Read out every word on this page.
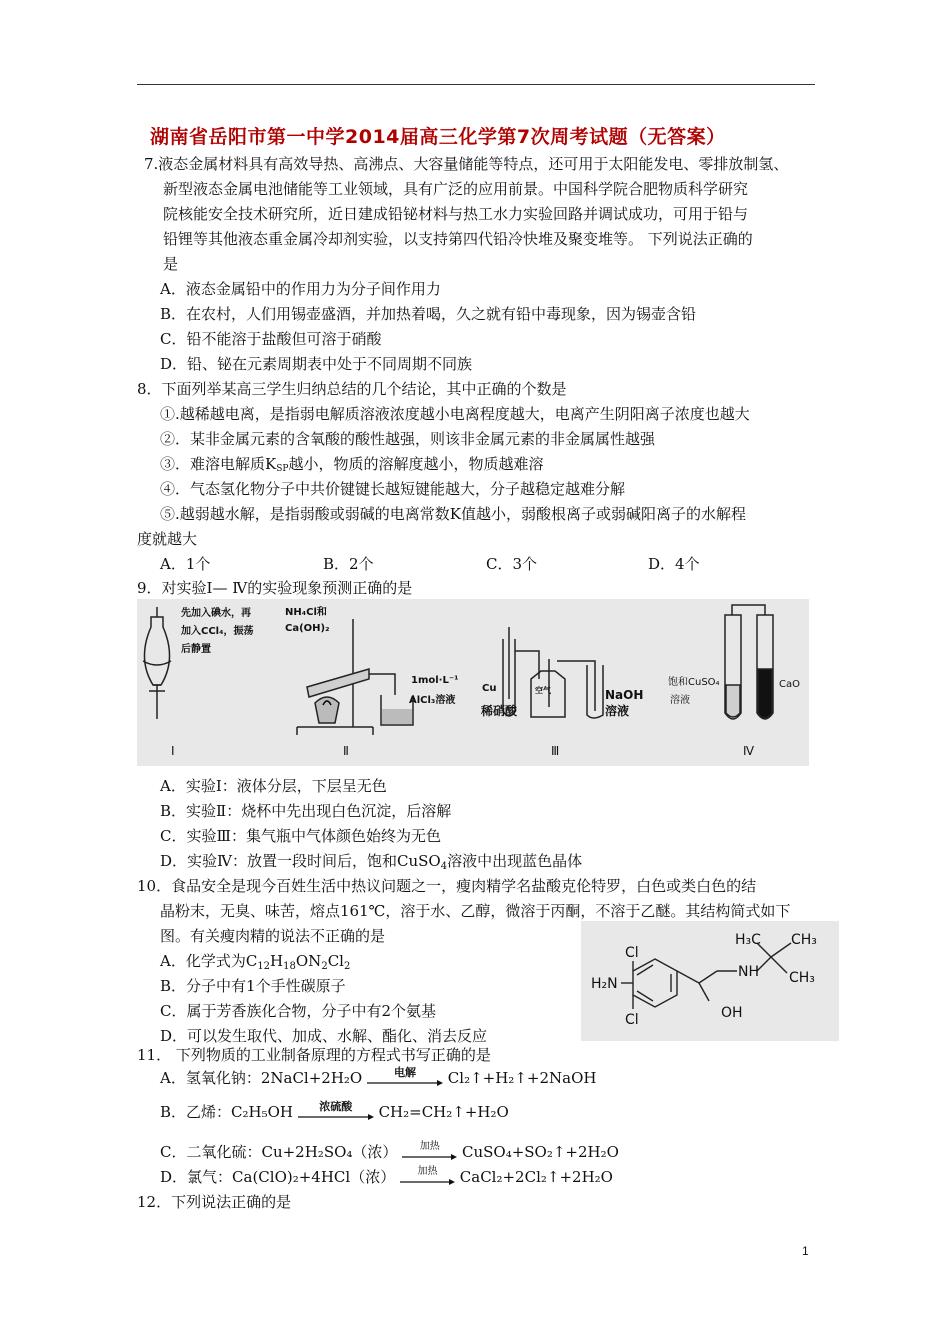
湖南省岳阳市第一中学2014届高三化学第7次周考试题（无答案）
7.液态金属材料具有高效导热、高沸点、大容量储能等特点，还可用于太阳能发电、零排放制氢、
新型液态金属电池储能等工业领域，具有广泛的应用前景。中国科学院合肥物质科学研究
院核能安全技术研究所，近日建成铅铋材料与热工水力实验回路并调试成功，可用于铅与
铅锂等其他液态重金属冷却剂实验，以支持第四代铅冷快堆及聚变堆等。 下列说法正确的
是
A．液态金属铅中的作用力为分子间作用力
B．在农村，人们用锡壶盛酒，并加热着喝，久之就有铅中毒现象，因为锡壶含铅
C．铅不能溶于盐酸但可溶于硝酸
D．铅、铋在元素周期表中处于不同周期不同族
8．下面列举某高三学生归纳总结的几个结论，其中正确的个数是
①.越稀越电离，是指弱电解质溶液浓度越小电离程度越大，电离产生阴阳离子浓度也越大
②．某非金属元素的含氧酸的酸性越强，则该非金属元素的非金属属性越强
③．难溶电解质KSP越小，物质的溶解度越小，物质越难溶
④．气态氢化物分子中共价键键长越短键能越大，分子越稳定越难分解
⑤.越弱越水解，是指弱酸或弱碱的电离常数K值越小，弱酸根离子或弱碱阳离子的水解程
度就越大
A．1个	B．2个	C．3个	D．4个
9．对实验Ⅰ— Ⅳ的实验现象预测正确的是
先加入碘水，再
加入CCl₄，振荡
后静置
NH₄Cl和
Ca(OH)₂
1mol·L⁻¹
AlCl₃溶液
Cu	空气
稀硝酸
NaOH
溶液
饱和CuSO₄
溶液
CaO
Ⅰ	Ⅱ	Ⅲ	Ⅳ
A．实验Ⅰ：液体分层，下层呈无色
B．实验Ⅱ：烧杯中先出现白色沉淀，后溶解
C．实验Ⅲ：集气瓶中气体颜色始终为无色
D．实验Ⅳ：放置一段时间后，饱和CuSO$_4$溶液中出现蓝色晶体
10．食品安全是现今百姓生活中热议问题之一，瘦肉精学名盐酸克伦特罗，白色或类白色的结
晶粉末，无臭、味苦，熔点161℃，溶于水、乙醇，微溶于丙酮，不溶于乙醚。其结构简式如下
图。有关瘦肉精的说法不正确的是
A．化学式为$C_{12}H_{18}ON_2Cl_2$
B．分子中有1个手性碳原子
C．属于芳香族化合物，分子中有2个氨基
D．可以发生取代、加成、水解、酯化、消去反应
Cl
Cl
H₂N
NH
OH
H₃C CH₃
CH₃
11． 下列物质的工业制备原理的方程式书写正确的是
A．氢氧化钠：2NaCl+2H₂O	电解	Cl₂↑+H₂↑+2NaOH
B．乙烯：C₂H₅OH	浓硫酸	CH₂=CH₂↑+H₂O
C．二氧化硫：Cu+2H₂SO₄（浓）	加热	CuSO₄+SO₂↑+2H₂O
D．氯气：Ca(ClO)₂+4HCl（浓）	加热	CaCl₂+2Cl₂↑+2H₂O
12．下列说法正确的是
1
